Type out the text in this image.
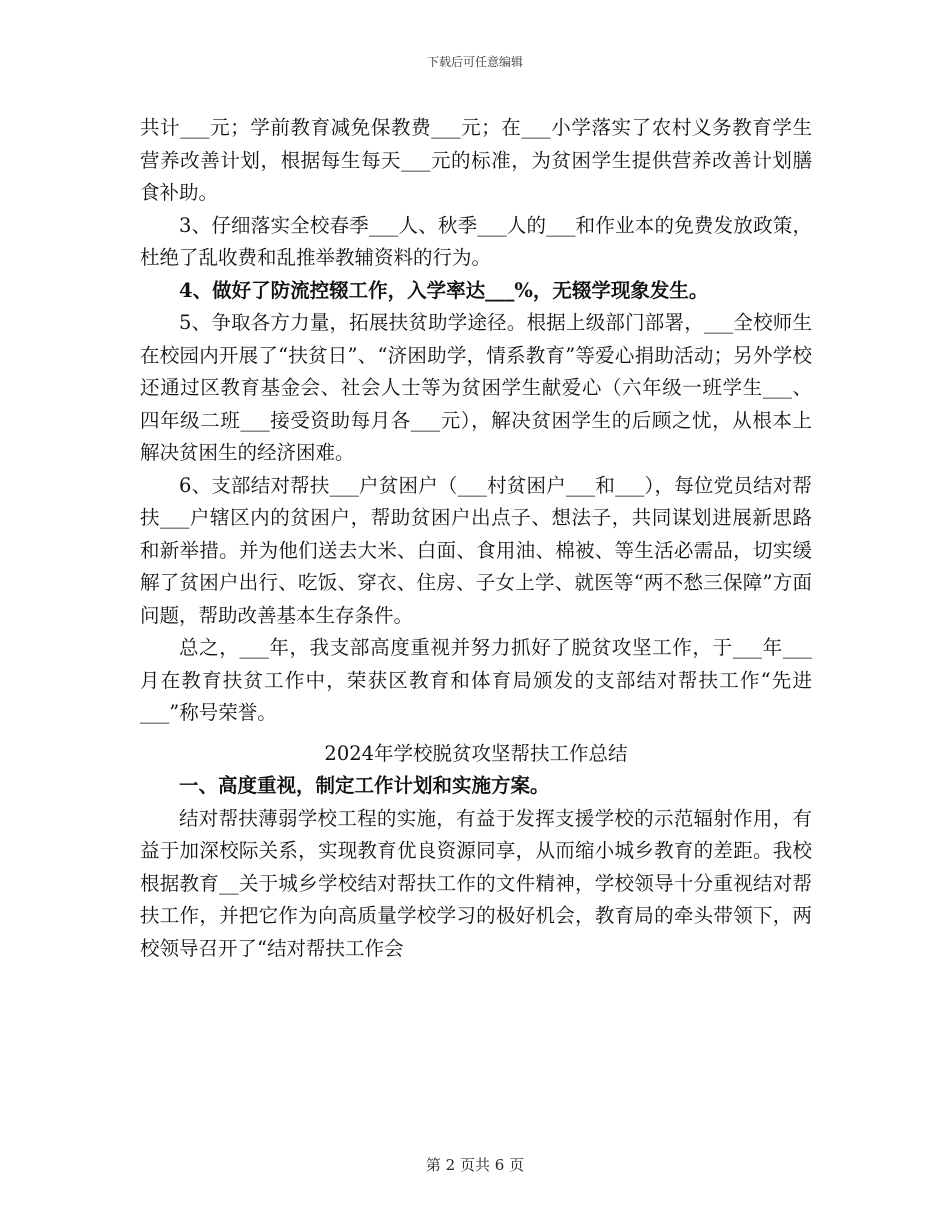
下载后可任意编辑

共计___元；学前教育减免保教费___元；在___小学落实了农村义务教育学生营养改善计划，根据每生每天___元的标准，为贫困学生提供营养改善计划膳食补助。

3、仔细落实全校春季___人、秋季___人的___和作业本的免费发放政策，杜绝了乱收费和乱推举教辅资料的行为。

4、做好了防流控辍工作，入学率达___%，无辍学现象发生。

5、争取各方力量，拓展扶贫助学途径。根据上级部门部署，___全校师生在校园内开展了“扶贫日”、“济困助学，情系教育”等爱心捐助活动；另外学校还通过区教育基金会、社会人士等为贫困学生献爱心（六年级一班学生___、四年级二班___接受资助每月各___元），解决贫困学生的后顾之忧，从根本上解决贫困生的经济困难。

6、支部结对帮扶___户贫困户（___村贫困户___和___），每位党员结对帮扶___户辖区内的贫困户，帮助贫困户出点子、想法子，共同谋划进展新思路和新举措。并为他们送去大米、白面、食用油、棉被、等生活必需品，切实缓解了贫困户出行、吃饭、穿衣、住房、子女上学、就医等“两不愁三保障”方面问题，帮助改善基本生存条件。

总之，___年，我支部高度重视并努力抓好了脱贫攻坚工作，于___年___月在教育扶贫工作中，荣获区教育和体育局颁发的支部结对帮扶工作“先进___”称号荣誉。

2024年学校脱贫攻坚帮扶工作总结

一、高度重视，制定工作计划和实施方案。

结对帮扶薄弱学校工程的实施，有益于发挥支援学校的示范辐射作用，有益于加深校际关系，实现教育优良资源同享，从而缩小城乡教育的差距。我校根据教育__关于城乡学校结对帮扶工作的文件精神，学校领导十分重视结对帮扶工作，并把它作为向高质量学校学习的极好机会，教育局的牵头带领下，两校领导召开了“结对帮扶工作会

第 2 页共 6 页
